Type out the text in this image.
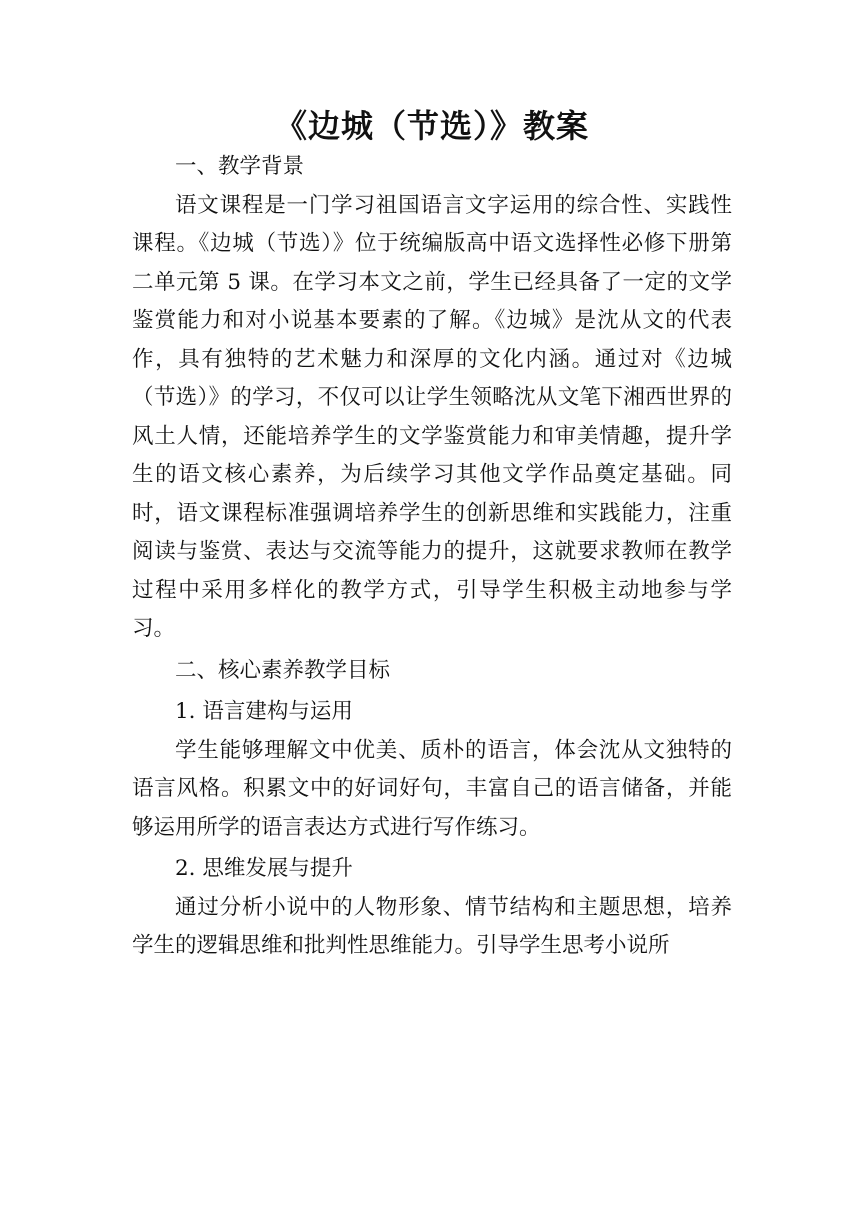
《边城（节选）》教案

一、教学背景

语文课程是一门学习祖国语言文字运用的综合性、实践性课程。《边城（节选）》位于统编版高中语文选择性必修下册第二单元第 5 课。在学习本文之前，学生已经具备了一定的文学鉴赏能力和对小说基本要素的了解。《边城》是沈从文的代表作，具有独特的艺术魅力和深厚的文化内涵。通过对《边城（节选）》的学习，不仅可以让学生领略沈从文笔下湘西世界的风土人情，还能培养学生的文学鉴赏能力和审美情趣，提升学生的语文核心素养，为后续学习其他文学作品奠定基础。同时，语文课程标准强调培养学生的创新思维和实践能力，注重阅读与鉴赏、表达与交流等能力的提升，这就要求教师在教学过程中采用多样化的教学方式，引导学生积极主动地参与学习。

二、核心素养教学目标

1. 语言建构与运用

学生能够理解文中优美、质朴的语言，体会沈从文独特的语言风格。积累文中的好词好句，丰富自己的语言储备，并能够运用所学的语言表达方式进行写作练习。

2. 思维发展与提升

通过分析小说中的人物形象、情节结构和主题思想，培养学生的逻辑思维和批判性思维能力。引导学生思考小说所
